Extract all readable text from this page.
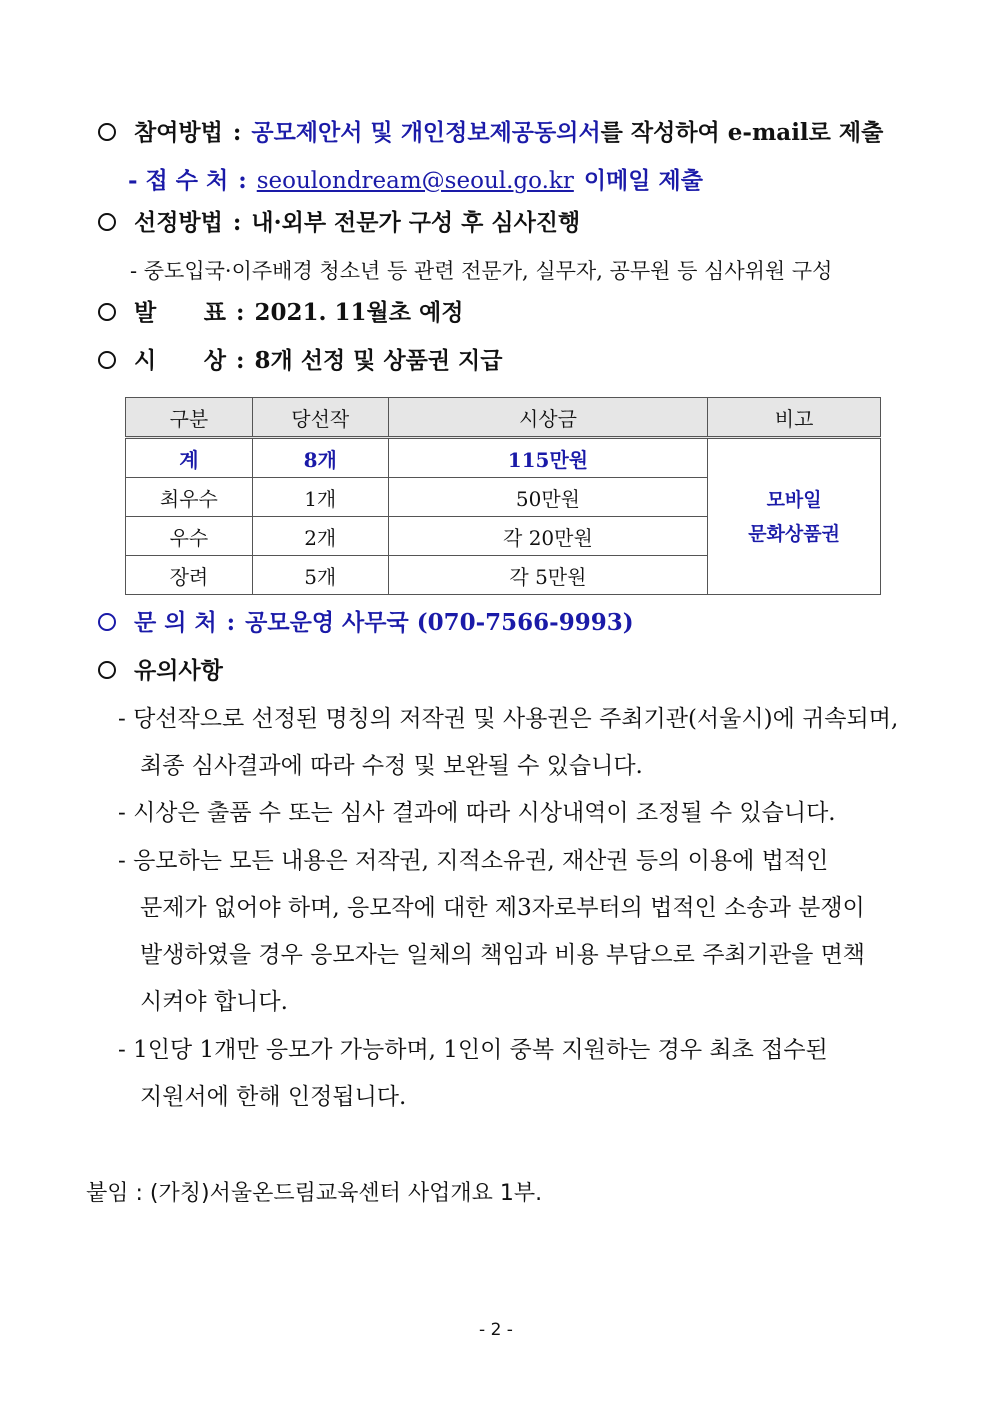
참여방법 : 공모제안서 및 개인정보제공동의서를 작성하여 e-mail로 제출
- 접 수 처 : seoulondream@seoul.go.kr 이메일 제출
선정방법 : 내·외부 전문가 구성 후 심사진행
- 중도입국·이주배경 청소년 등 관련 전문가, 실무자, 공무원 등 심사위원 구성
발 표 : 2021. 11월초 예정
시 상 : 8개 선정 및 상품권 지급
구분	당선작	시상금	비고
계	8개	115만원	모바일
문화상품권

최우수	1개	50만원	
우수	2개	각 20만원	
장려	5개	각 5만원	
문 의 처 : 공모운영 사무국 (070-7566-9993)
유의사항
- 당선작으로 선정된 명칭의 저작권 및 사용권은 주최기관(서울시)에 귀속되며,
최종 심사결과에 따라 수정 및 보완될 수 있습니다.
- 시상은 출품 수 또는 심사 결과에 따라 시상내역이 조정될 수 있습니다.
- 응모하는 모든 내용은 저작권, 지적소유권, 재산권 등의 이용에 법적인
문제가 없어야 하며, 응모작에 대한 제3자로부터의 법적인 소송과 분쟁이
발생하였을 경우 응모자는 일체의 책임과 비용 부담으로 주최기관을 면책
시켜야 합니다.
- 1인당 1개만 응모가 가능하며, 1인이 중복 지원하는 경우 최초 접수된
지원서에 한해 인정됩니다.
붙임 : (가칭)서울온드림교육센터 사업개요 1부.
- 2 -
